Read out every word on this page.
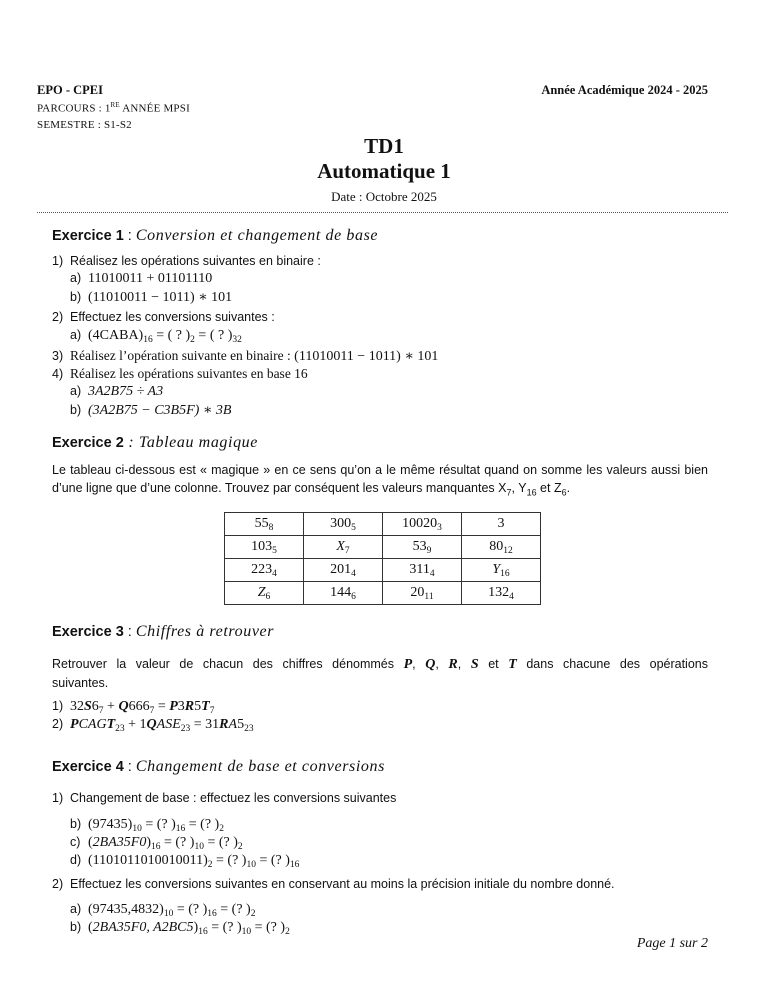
EPO - CPEI	Année Académique 2024 - 2025
PARCOURS : 1RE ANNÉE MPSI
SEMESTRE : S1-S2
TD1
Automatique 1
Date : Octobre 2025
Exercice 1 : Conversion et changement de base
1) Réalisez les opérations suivantes en binaire :
a) 11010011 + 01101110
b) (11010011 − 1011) ∗ 101
2) Effectuez les conversions suivantes :
a) $(4CABA)_{16}$ = ( ? )$_2$ = ( ? )$_{32}$
3) Réalisez l’opération suivante en binaire : (11010011 − 1011) ∗ 101
4) Réalisez les opérations suivantes en base 16
a) 3A2B75 ÷ A3
b) (3A2B75 − C3B5F) ∗ 3B
Exercice 2 : Tableau magique
Le tableau ci-dessous est « magique » en ce sens qu’on a le même résultat quand on somme les valeurs aussi bien d’une ligne que d’une colonne. Trouvez par conséquent les valeurs manquantes $X_7$, $Y_{16}$ et $Z_6$.
$55_8$	$300_5$	$10020_3$	3
$103_5$	$X_7$	$53_9$	$80_{12}$
$223_4$	$201_4$	$311_4$	$Y_{16}$
$Z_6$	$144_6$	$20_{11}$	$132_4$
Exercice 3 : Chiffres à retrouver
Retrouver la valeur de chacun des chiffres dénommés P, Q, R, S et T dans chacune des opérations suivantes.
1) $32S6_7 + Q666_7 = P3R5T_7$
2) $PCAGT_{23}$ + $1QASE_{23} = 31RA5_{23}$
Exercice 4 : Changement de base et conversions
1) Changement de base : effectuez les conversions suivantes
b) $(97435)_{10}$ = (? )$_{16}$ = (? )$_2$
c) $(2BA35F0)_{16}$ = (? )$_{10}$ = (? )$_2$
d) $(1101011010010011)_2$ = (? )$_{10}$ = (? )$_{16}$
2) Effectuez les conversions suivantes en conservant au moins la précision initiale du nombre donné.
a) $(97435,4832)_{10}$ = (? )$_{16}$ = (? )$_2$
b) (2BA35F0, $A2BC5)_{16}$ = (? )$_{10}$ = (? )$_2$
Page 1 sur 2
